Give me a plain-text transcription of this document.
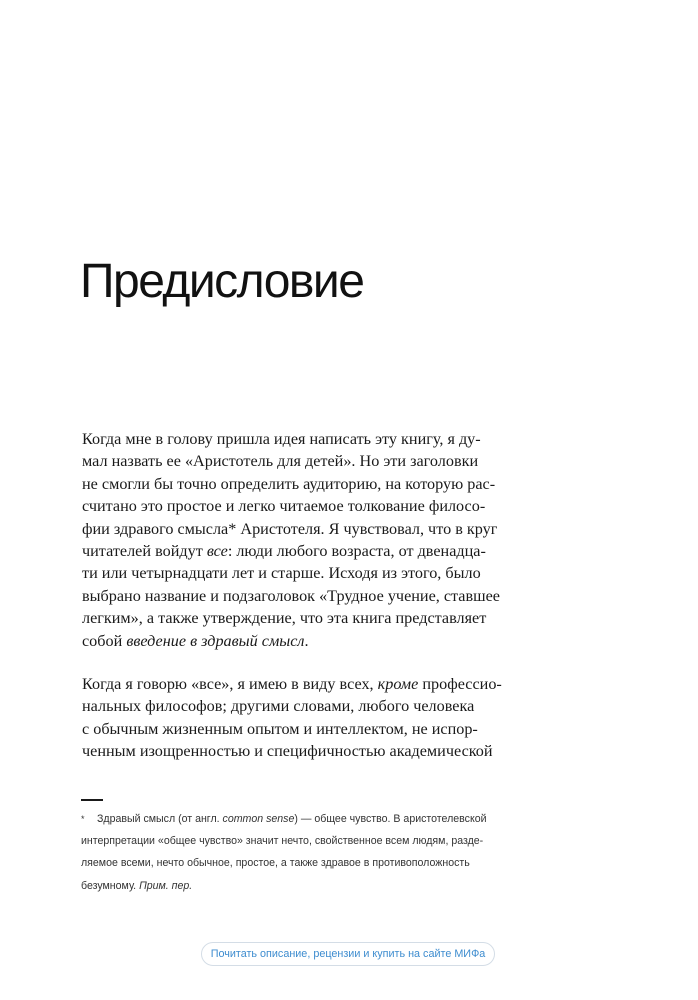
Предисловие
Когда мне в голову пришла идея написать эту книгу, я ду-
мал назвать ее «Аристотель для детей». Но эти заголовки
не смогли бы точно определить аудиторию, на которую рас-
считано это простое и легко читаемое толкование филосо-
фии здравого смысла* Аристотеля. Я чувствовал, что в круг
читателей войдут все: люди любого возраста, от двенадца-
ти или четырнадцати лет и старше. Исходя из этого, было
выбрано название и подзаголовок «Трудное учение, ставшее
легким», а также утверждение, что эта книга представляет
собой введение в здравый смысл.
Когда я говорю «все», я имею в виду всех, кроме профессио-
нальных философов; другими словами, любого человека
с обычным жизненным опытом и интеллектом, не испор-
ченным изощренностью и специфичностью академической
* Здравый смысл (от англ. common sense) — общее чувство. В аристотелевской
интерпретации «общее чувство» значит нечто, свойственное всем людям, разде-
ляемое всеми, нечто обычное, простое, а также здравое в противоположность
безумному. Прим. пер.
Почитать описание, рецензии и купить на сайте МИФа
